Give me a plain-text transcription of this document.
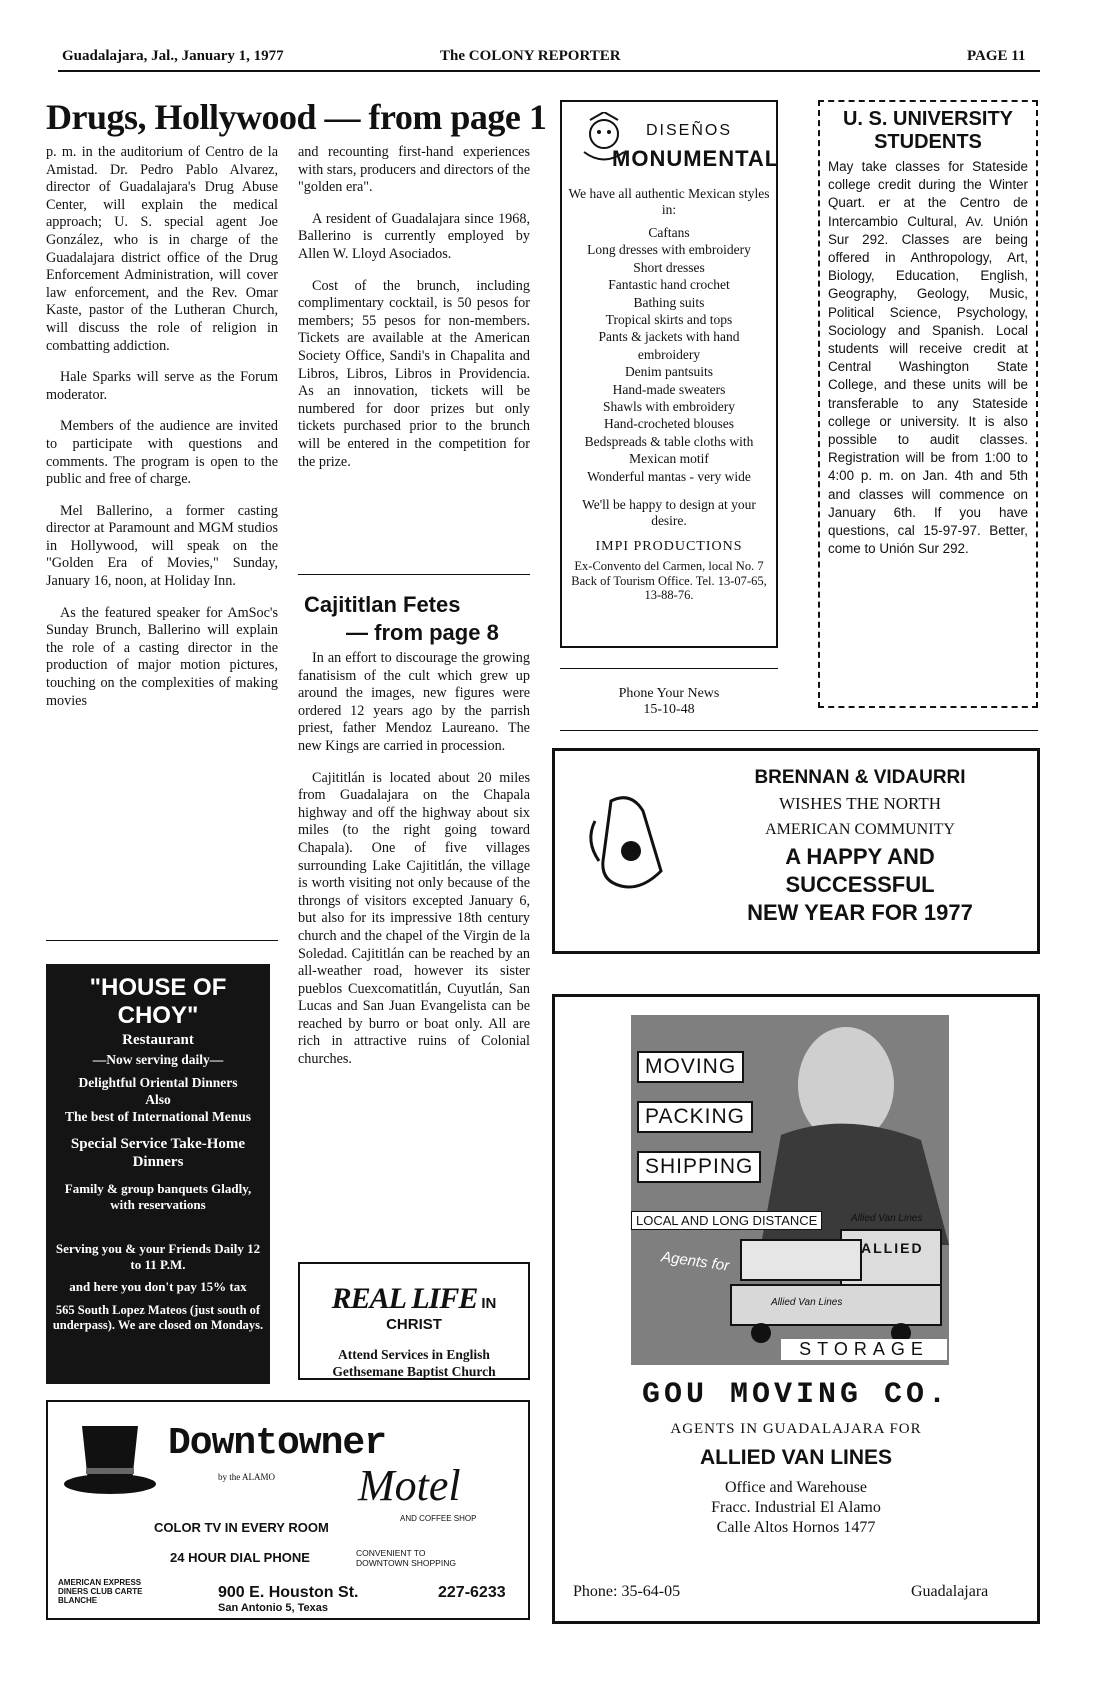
Guadalajara, Jal., January 1, 1977	The COLONY REPORTER	PAGE 11
Drugs, Hollywood — from page 1

p. m. in the auditorium of Centro de la Amistad. Dr. Pedro Pablo Alvarez, director of Guadalajara's Drug Abuse Center, will explain the medical approach; U. S. special agent Joe González, who is in charge of the Guadalajara district office of the Drug Enforcement Administration, will cover law enforcement, and the Rev. Omar Kaste, pastor of the Lutheran Church, will discuss the role of religion in combatting addiction.

Hale Sparks will serve as the Forum moderator.

Members of the audience are invited to participate with questions and comments. The program is open to the public and free of charge.

Mel Ballerino, a former casting director at Paramount and MGM studios in Hollywood, will speak on the "Golden Era of Movies," Sunday, January 16, noon, at Holiday Inn.

As the featured speaker for AmSoc's Sunday Brunch, Ballerino will explain the role of a casting director in the production of major motion pictures, touching on the complexities of making movies

and recounting first-hand experiences with stars, producers and directors of the "golden era".

A resident of Guadalajara since 1968, Ballerino is currently employed by Allen W. Lloyd Asociados.

Cost of the brunch, including complimentary cocktail, is 50 pesos for members; 55 pesos for non-members. Tickets are available at the American Society Office, Sandi's in Chapalita and Libros, Libros, Libros in Providencia. As an innovation, tickets will be numbered for door prizes but only tickets purchased prior to the brunch will be entered in the competition for the prize.

Cajititlan Fetes
— from page 8

In an effort to discourage the growing fanatisism of the cult which grew up around the images, new figures were ordered 12 years ago by the parrish priest, father Mendoz Laureano. The new Kings are carried in procession.

Cajititlán is located about 20 miles from Guadalajara on the Chapala highway and off the highway about six miles (to the right going toward Chapala). One of five villages surrounding Lake Cajititlán, the village is worth visiting not only because of the throngs of visitors excepted January 6, but also for its impressive 18th century church and the chapel of the Virgin de la Soledad. Cajititlán can be reached by an all-weather road, however its sister pueblos Cuexcomatitlán, Cuyutlán, San Lucas and San Juan Evangelista can be reached by burro or boat only. All are rich in attractive ruins of Colonial churches.

DISEÑOS
MONUMENTAL
We have all authentic Mexican styles in:
Caftans
Long dresses with embroidery
Short dresses
Fantastic hand crochet
Bathing suits
Tropical skirts and tops
Pants & jackets with hand embroidery
Denim pantsuits
Hand-made sweaters
Shawls with embroidery
Hand-crocheted blouses
Bedspreads & table cloths with Mexican motif
Wonderful mantas - very wide
We'll be happy to design at your desire.
IMPI PRODUCTIONS
Ex-Convento del Carmen, local No. 7 Back of Tourism Office. Tel. 13-07-65, 13-88-76.
Phone Your News
15-10-48
U. S. UNIVERSITY
STUDENTS
May take classes for Stateside college credit during the Winter Quart. er at the Centro de Intercambio Cultural, Av. Unión Sur 292. Classes are being offered in Anthropology, Art, Biology, Education, English, Geography, Geology, Music, Political Science, Psychology, Sociology and Spanish. Local students will receive credit at Central Washington State College, and these units will be transferable to any Stateside college or university. It is also possible to audit classes. Registration will be from 1:00 to 4:00 p. m. on Jan. 4th and 5th and classes will commence on January 6th. If you have questions, cal 15-97-97. Better, come to Unión Sur 292.
BRENNAN & VIDAURRI
WISHES THE NORTH
AMERICAN COMMUNITY
A HAPPY AND
SUCCESSFUL
NEW YEAR FOR 1977
"HOUSE OF
CHOY"
Restaurant
—Now serving daily—
Delightful Oriental Dinners
Also
The best of International Menus
Special Service Take-Home Dinners
Family & group banquets Gladly, with reservations
Serving you & your Friends Daily 12 to 11 P.M.
and here you don't pay 15% tax
565 South Lopez Mateos (just south of underpass). We are closed on Mondays.
REAL LIFE IN CHRIST
Attend Services in English
Gethsemane Baptist Church
MOVING
PACKING
SHIPPING
LOCAL AND LONG DISTANCE
Agents for
ALLIED
Allied Van Lines
Allied Van Lines
STORAGE
GOU MOVING CO.
AGENTS IN GUADALAJARA FOR
ALLIED VAN LINES
Office and Warehouse
Fracc. Industrial El Alamo
Calle Altos Hornos 1477
Phone: 35-64-05	Guadalajara
Downtowner
Motel
by the ALAMO
COLOR TV IN EVERY ROOM
AND COFFEE SHOP
24 HOUR DIAL PHONE	CONVENIENT TO DOWNTOWN SHOPPING
AMERICAN EXPRESS DINERS CLUB CARTE BLANCHE	900 E. Houston St.
San Antonio 5, Texas
227-6233
